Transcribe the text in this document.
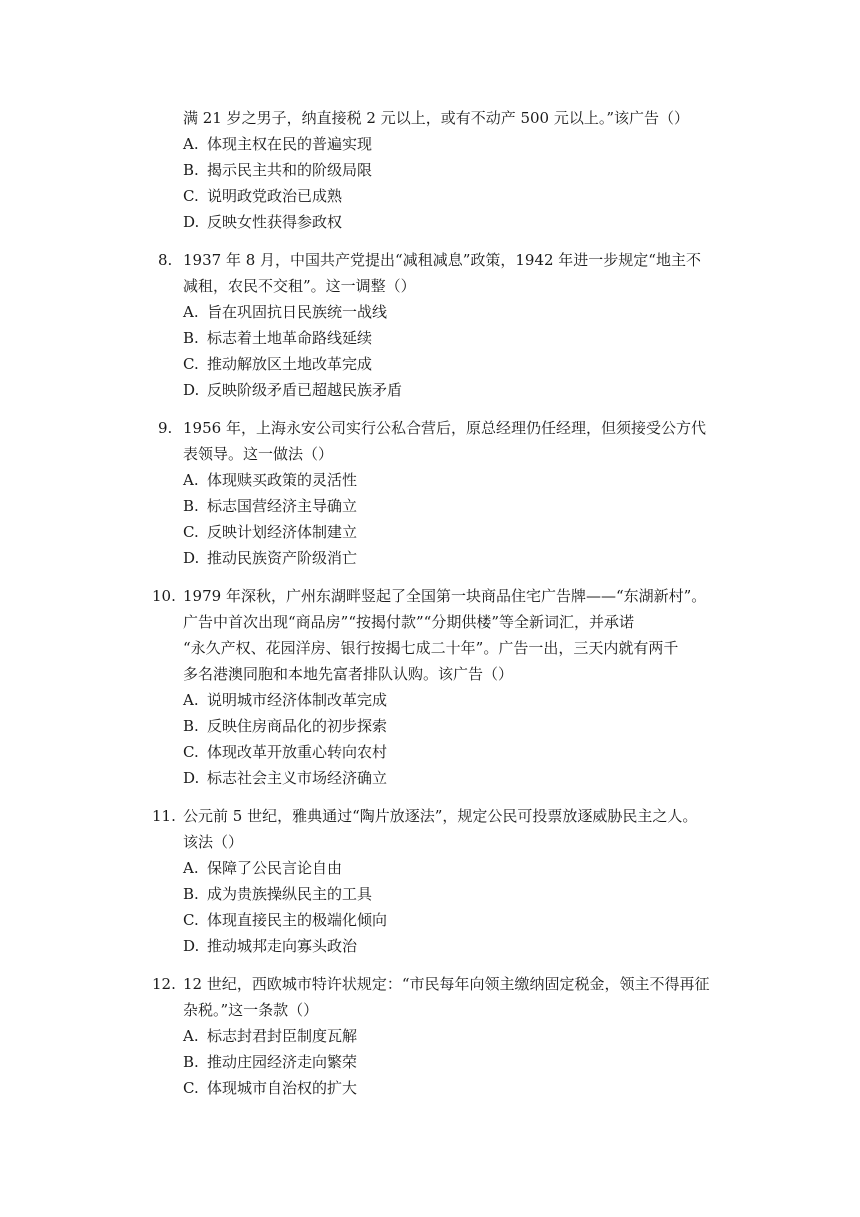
满 21 岁之男子，纳直接税 2 元以上，或有不动产 500 元以上。”该广告（）
A. 体现主权在民的普遍实现
B. 揭示民主共和的阶级局限
C. 说明政党政治已成熟
D. 反映女性获得参政权
8. 1937 年 8 月，中国共产党提出“减租减息”政策，1942 年进一步规定“地主不
减租，农民不交租”。这一调整（）
A. 旨在巩固抗日民族统一战线
B. 标志着土地革命路线延续
C. 推动解放区土地改革完成
D. 反映阶级矛盾已超越民族矛盾
9. 1956 年，上海永安公司实行公私合营后，原总经理仍任经理，但须接受公方代
表领导。这一做法（）
A. 体现赎买政策的灵活性
B. 标志国营经济主导确立
C. 反映计划经济体制建立
D. 推动民族资产阶级消亡
10. 1979 年深秋，广州东湖畔竖起了全国第一块商品住宅广告牌——“东湖新村”。
广告中首次出现“商品房”“按揭付款”“分期供楼”等全新词汇，并承诺
“永久产权、花园洋房、银行按揭七成二十年”。广告一出，三天内就有两千
多名港澳同胞和本地先富者排队认购。该广告（）
A. 说明城市经济体制改革完成
B. 反映住房商品化的初步探索
C. 体现改革开放重心转向农村
D. 标志社会主义市场经济确立
11. 公元前 5 世纪，雅典通过“陶片放逐法”，规定公民可投票放逐威胁民主之人。
该法（）
A. 保障了公民言论自由
B. 成为贵族操纵民主的工具
C. 体现直接民主的极端化倾向
D. 推动城邦走向寡头政治
12. 12 世纪，西欧城市特许状规定：“市民每年向领主缴纳固定税金，领主不得再征
杂税。”这一条款（）
A. 标志封君封臣制度瓦解
B. 推动庄园经济走向繁荣
C. 体现城市自治权的扩大
